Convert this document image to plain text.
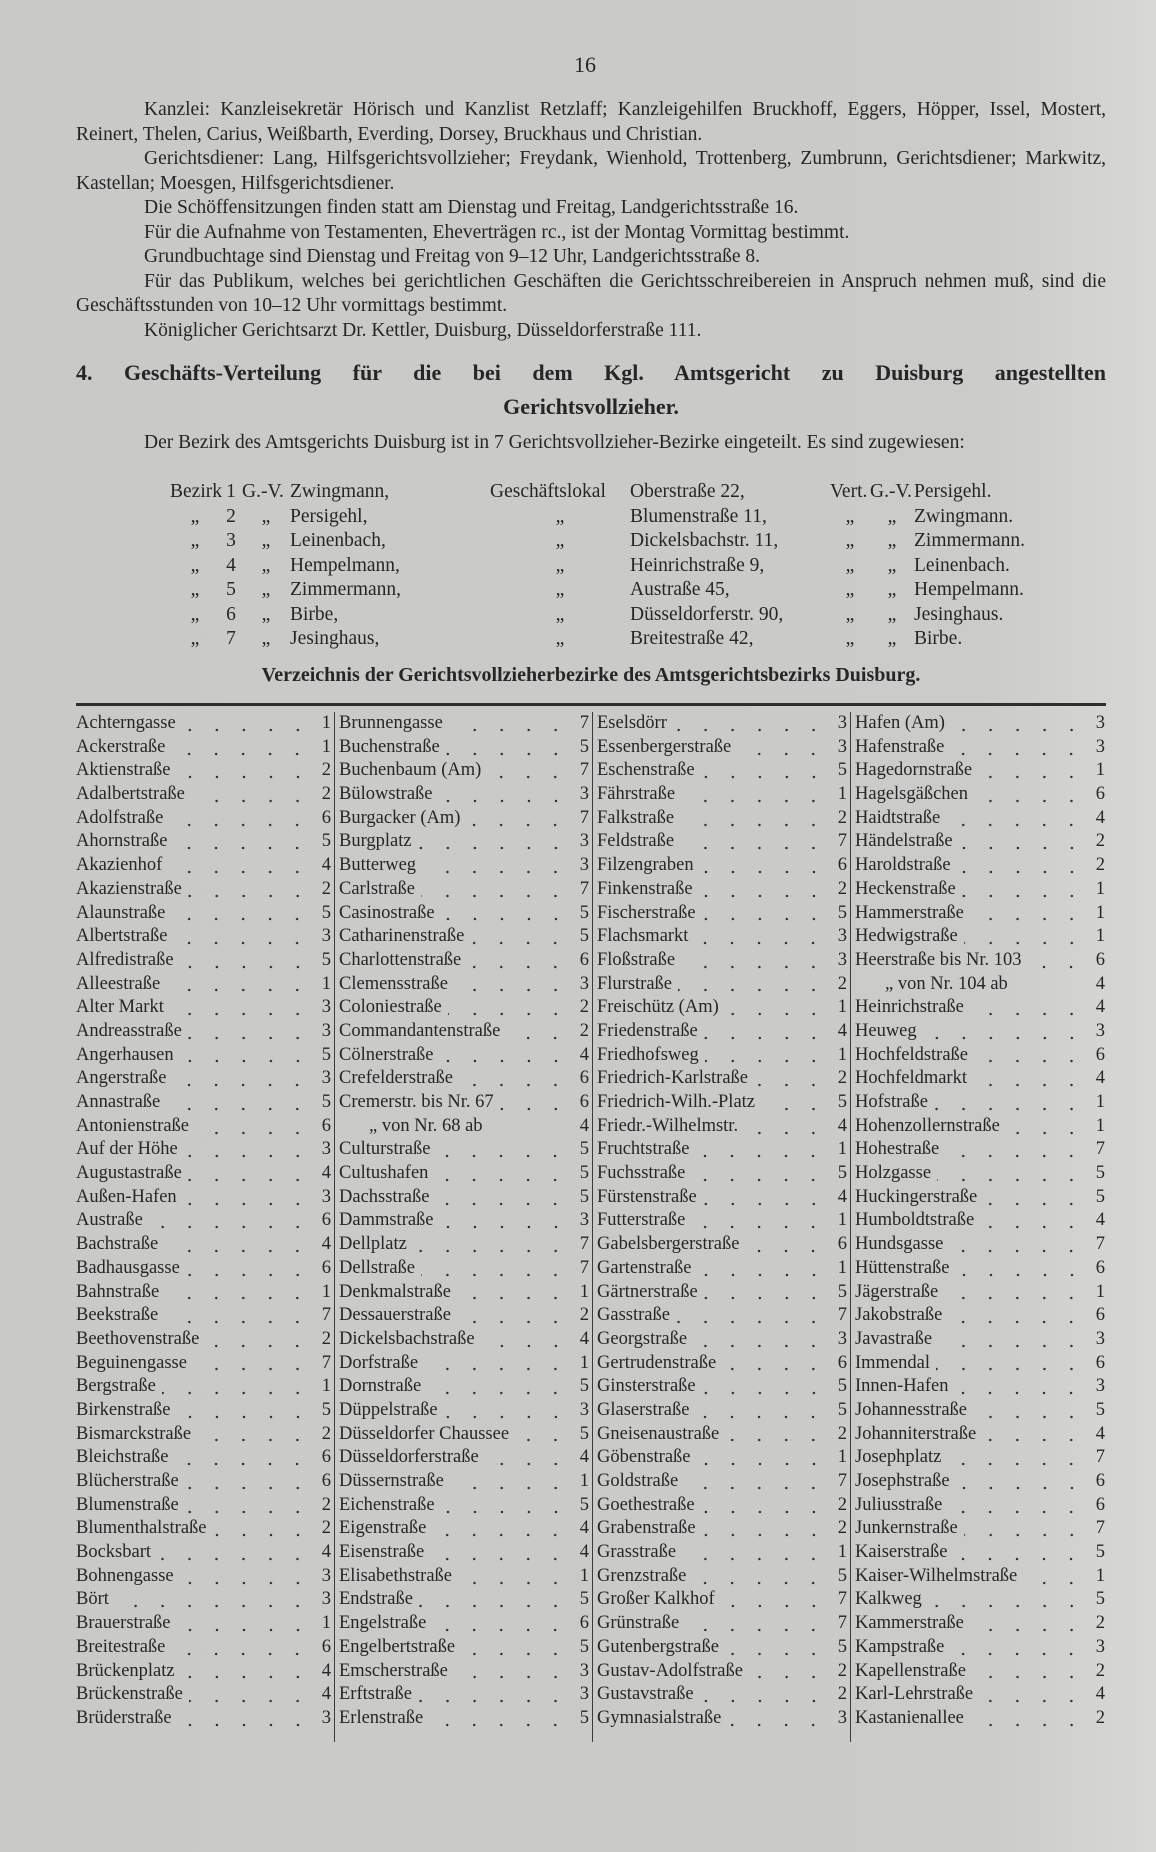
16

Kanzlei: Kanzleisekretär Hörisch und Kanzlist Retzlaff; Kanzleigehilfen Bruckhoff, Eggers, Höpper, Issel, Mostert, Reinert, Thelen, Carius, Weißbarth, Everding, Dorsey, Bruckhaus und Christian.

Gerichtsdiener: Lang, Hilfsgerichtsvollzieher; Freydank, Wienhold, Trottenberg, Zumbrunn, Gerichtsdiener; Markwitz, Kastellan; Moesgen, Hilfsgerichtsdiener.

Die Schöffensitzungen finden statt am Dienstag und Freitag, Landgerichtsstraße 16.

Für die Aufnahme von Testamenten, Eheverträgen rc., ist der Montag Vormittag bestimmt.

Grundbuchtage sind Dienstag und Freitag von 9–12 Uhr, Landgerichtsstraße 8.

Für das Publikum, welches bei gerichtlichen Geschäften die Gerichtsschreibereien in Anspruch nehmen muß, sind die Geschäftsstunden von 10–12 Uhr vormittags bestimmt.

Königlicher Gerichtsarzt Dr. Kettler, Duisburg, Düsseldorferstraße 111.

4. Geschäfts-Verteilung für die bei dem Kgl. Amtsgericht zu Duisburg angestellten
Gerichtsvollzieher.
Der Bezirk des Amtsgerichts Duisburg ist in 7 Gerichtsvollzieher-Bezirke eingeteilt. Es sind zugewiesen:
Bezirk 1 G.-V. Zwingmann,	Geschäftslokal	Oberstraße 22,	Vert. G.-V. Persigehl.
„	2	„	Persigehl,	„	Blumenstraße 11,	„	„ Zwingmann.
„	3	„	Leinenbach,	„	Dickelsbachstr. 11,	„	„ Zimmermann.
„	4	„	Hempelmann,	„	Heinrichstraße 9,	„	„ Leinenbach.
„	5	„	Zimmermann,	„	Austraße 45,	„	„ Hempelmann.
„	6	„	Birbe,	„	Düsseldorferstr. 90,	„	„ Jesinghaus.
„	7	„	Jesinghaus,	„	Breitestraße 42,	„	„ Birbe.
Verzeichnis der Gerichtsvollzieherbezirke des Amtsgerichtsbezirks Duisburg.
Achterngasse	1
Ackerstraße	1
Aktienstraße	2
Adalbertstraße	2
Adolfstraße	6
Ahornstraße	5
Akazienhof	4
Akazienstraße	2
Alaunstraße	5
Albertstraße	3
Alfredistraße	5
Alleestraße	1
Alter Markt	3
Andreasstraße	3
Angerhausen	5
Angerstraße	3
Annastraße	5
Antonienstraße	6
Auf der Höhe	3
Augustastraße	4
Außen-Hafen	3
Austraße	6
Bachstraße	4
Badhausgasse	6
Bahnstraße	1
Beekstraße	7
Beethovenstraße	2
Beguinengasse	7
Bergstraße	1
Birkenstraße	5
Bismarckstraße	2
Bleichstraße	6
Blücherstraße	6
Blumenstraße	2
Blumenthalstraße	2
Bocksbart	4
Bohnengasse	3
Bört	3
Brauerstraße	1
Breitestraße	6
Brückenplatz	4
Brückenstraße	4
Brüderstraße	3
Brunnengasse	7
Buchenstraße	5
Buchenbaum (Am)	7
Bülowstraße	3
Burgacker (Am)	7
Burgplatz	3
Butterweg	3
Carlstraße	7
Casinostraße	5
Catharinenstraße	5
Charlottenstraße	6
Clemensstraße	3
Coloniestraße	2
Commandantenstraße	2
Cölnerstraße	4
Crefelderstraße	6
Cremerstr. bis Nr. 67	6
„ von Nr. 68 ab	4
Culturstraße	5
Cultushafen	5
Dachsstraße	5
Dammstraße	3
Dellplatz	7
Dellstraße	7
Denkmalstraße	1
Dessauerstraße	2
Dickelsbachstraße	4
Dorfstraße	1
Dornstraße	5
Düppelstraße	3
Düsseldorfer Chaussee	5
Düsseldorferstraße	4
Düssernstraße	1
Eichenstraße	5
Eigenstraße	4
Eisenstraße	4
Elisabethstraße	1
Endstraße	5
Engelstraße	6
Engelbertstraße	5
Emscherstraße	3
Erftstraße	3
Erlenstraße	5
Eselsdörr	3
Essenbergerstraße	3
Eschenstraße	5
Fährstraße	1
Falkstraße	2
Feldstraße	7
Filzengraben	6
Finkenstraße	2
Fischerstraße	5
Flachsmarkt	3
Floßstraße	3
Flurstraße	2
Freischütz (Am)	1
Friedenstraße	4
Friedhofsweg	1
Friedrich-Karlstraße	2
Friedrich-Wilh.-Platz	5
Friedr.-Wilhelmstr.	4
Fruchtstraße	1
Fuchsstraße	5
Fürstenstraße	4
Futterstraße	1
Gabelsbergerstraße	6
Gartenstraße	1
Gärtnerstraße	5
Gasstraße	7
Georgstraße	3
Gertrudenstraße	6
Ginsterstraße	5
Glaserstraße	5
Gneisenaustraße	2
Göbenstraße	1
Goldstraße	7
Goethestraße	2
Grabenstraße	2
Grasstraße	1
Grenzstraße	5
Großer Kalkhof	7
Grünstraße	7
Gutenbergstraße	5
Gustav-Adolfstraße	2
Gustavstraße	2
Gymnasialstraße	3
Hafen (Am)	3
Hafenstraße	3
Hagedornstraße	1
Hagelsgäßchen	6
Haidtstraße	4
Händelstraße	2
Haroldstraße	2
Heckenstraße	1
Hammerstraße	1
Hedwigstraße	1
Heerstraße bis Nr. 103	6
„ von Nr. 104 ab	4
Heinrichstraße	4
Heuweg	3
Hochfeldstraße	6
Hochfeldmarkt	4
Hofstraße	1
Hohenzollernstraße	1
Hohestraße	7
Holzgasse	5
Huckingerstraße	5
Humboldtstraße	4
Hundsgasse	7
Hüttenstraße	6
Jägerstraße	1
Jakobstraße	6
Javastraße	3
Immendal	6
Innen-Hafen	3
Johannesstraße	5
Johanniterstraße	4
Josephplatz	7
Josephstraße	6
Juliusstraße	6
Junkernstraße	7
Kaiserstraße	5
Kaiser-Wilhelmstraße	1
Kalkweg	5
Kammerstraße	2
Kampstraße	3
Kapellenstraße	2
Karl-Lehrstraße	4
Kastanienallee	2
